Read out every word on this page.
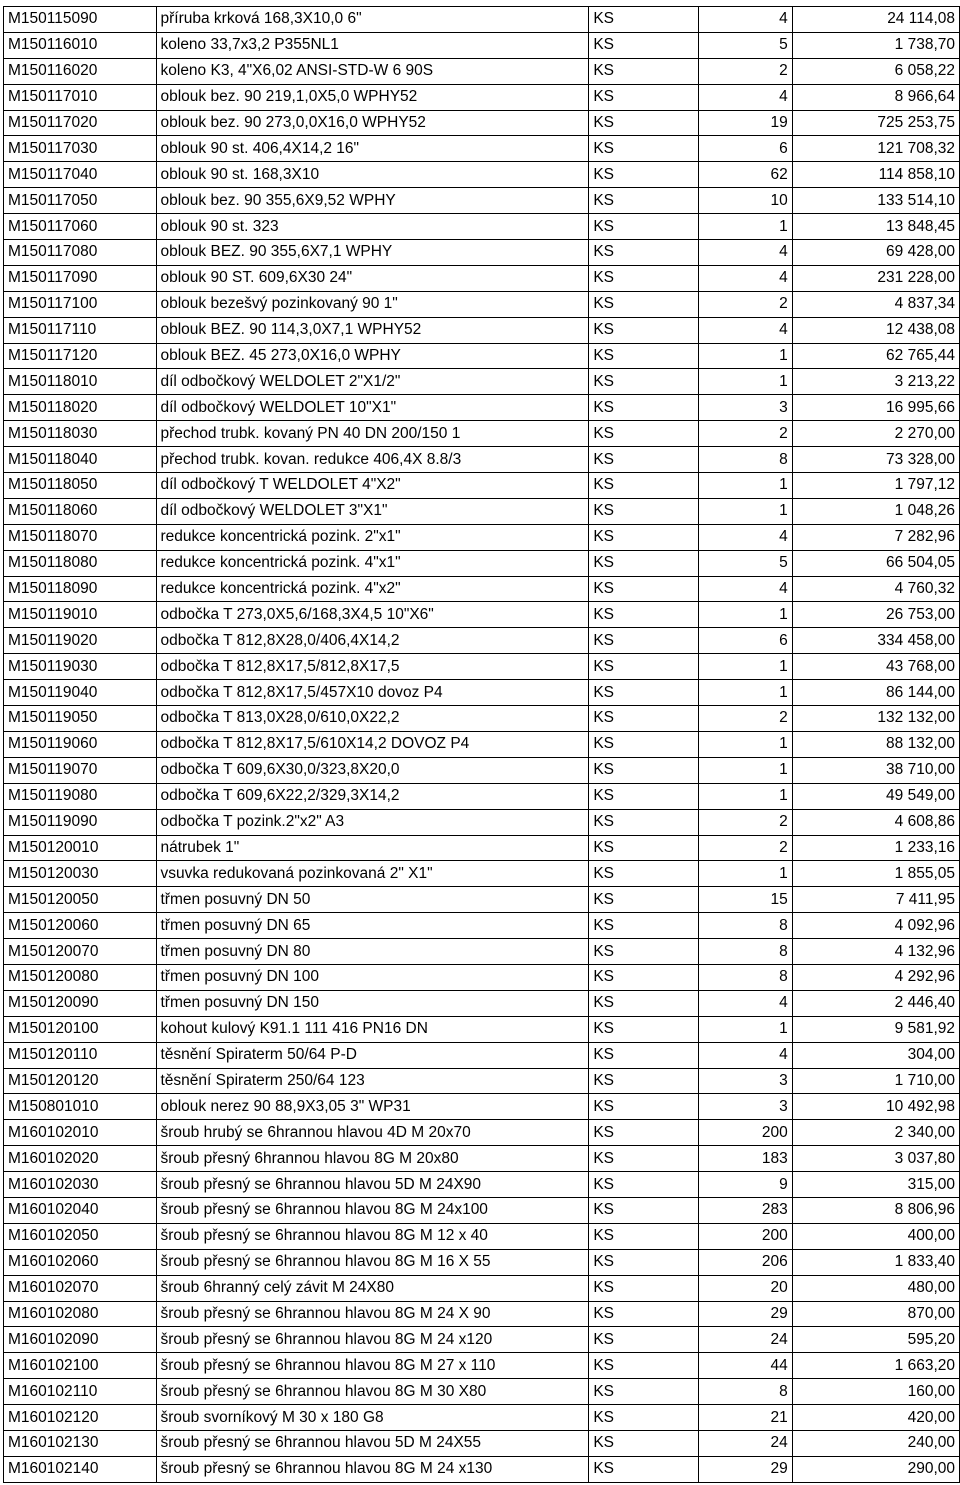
M150115090	příruba krková 168,3X10,0 6"	KS	4	24 114,08
M150116010	koleno 33,7x3,2 P355NL1	KS	5	1 738,70
M150116020	koleno K3, 4"X6,02 ANSI-STD-W 6 90S	KS	2	6 058,22
M150117010	oblouk bez. 90 219,1,0X5,0 WPHY52	KS	4	8 966,64
M150117020	oblouk bez. 90 273,0,0X16,0 WPHY52	KS	19	725 253,75
M150117030	oblouk 90 st. 406,4X14,2 16"	KS	6	121 708,32
M150117040	oblouk 90 st. 168,3X10	KS	62	114 858,10
M150117050	oblouk bez. 90 355,6X9,52 WPHY	KS	10	133 514,10
M150117060	oblouk 90 st. 323	KS	1	13 848,45
M150117080	oblouk BEZ. 90 355,6X7,1 WPHY	KS	4	69 428,00
M150117090	oblouk 90 ST. 609,6X30 24"	KS	4	231 228,00
M150117100	oblouk bezešvý pozinkovaný 90 1"	KS	2	4 837,34
M150117110	oblouk BEZ. 90 114,3,0X7,1 WPHY52	KS	4	12 438,08
M150117120	oblouk BEZ. 45 273,0X16,0 WPHY	KS	1	62 765,44
M150118010	díl odbočkový WELDOLET 2"X1/2"	KS	1	3 213,22
M150118020	díl odbočkový WELDOLET 10"X1"	KS	3	16 995,66
M150118030	přechod trubk. kovaný PN 40 DN 200/150 1	KS	2	2 270,00
M150118040	přechod trubk. kovan. redukce 406,4X 8.8/3	KS	8	73 328,00
M150118050	díl odbočkový T WELDOLET 4"X2"	KS	1	1 797,12
M150118060	díl odbočkový WELDOLET 3"X1"	KS	1	1 048,26
M150118070	redukce koncentrická pozink. 2"x1"	KS	4	7 282,96
M150118080	redukce koncentrická pozink. 4"x1"	KS	5	66 504,05
M150118090	redukce koncentrická pozink. 4"x2"	KS	4	4 760,32
M150119010	odbočka T 273,0X5,6/168,3X4,5 10"X6"	KS	1	26 753,00
M150119020	odbočka T 812,8X28,0/406,4X14,2	KS	6	334 458,00
M150119030	odbočka T 812,8X17,5/812,8X17,5	KS	1	43 768,00
M150119040	odbočka T 812,8X17,5/457X10 dovoz P4	KS	1	86 144,00
M150119050	odbočka T 813,0X28,0/610,0X22,2	KS	2	132 132,00
M150119060	odbočka T 812,8X17,5/610X14,2 DOVOZ P4	KS	1	88 132,00
M150119070	odbočka T 609,6X30,0/323,8X20,0	KS	1	38 710,00
M150119080	odbočka T 609,6X22,2/329,3X14,2	KS	1	49 549,00
M150119090	odbočka T pozink.2"x2" A3	KS	2	4 608,86
M150120010	nátrubek 1"	KS	2	1 233,16
M150120030	vsuvka redukovaná pozinkovaná 2" X1"	KS	1	1 855,05
M150120050	třmen posuvný DN 50	KS	15	7 411,95
M150120060	třmen posuvný DN 65	KS	8	4 092,96
M150120070	třmen posuvný DN 80	KS	8	4 132,96
M150120080	třmen posuvný DN 100	KS	8	4 292,96
M150120090	třmen posuvný DN 150	KS	4	2 446,40
M150120100	kohout kulový K91.1 111 416 PN16 DN	KS	1	9 581,92
M150120110	těsnění Spiraterm 50/64 P-D	KS	4	304,00
M150120120	těsnění Spiraterm 250/64 123	KS	3	1 710,00
M150801010	oblouk nerez 90 88,9X3,05 3" WP31	KS	3	10 492,98
M160102010	šroub hrubý se 6hrannou hlavou 4D M 20x70	KS	200	2 340,00
M160102020	šroub přesný 6hrannou hlavou 8G M 20x80	KS	183	3 037,80
M160102030	šroub přesný se 6hrannou hlavou 5D M 24X90	KS	9	315,00
M160102040	šroub přesný se 6hrannou hlavou 8G M 24x100	KS	283	8 806,96
M160102050	šroub přesný se 6hrannou hlavou 8G M 12 x 40	KS	200	400,00
M160102060	šroub přesný se 6hrannou hlavou 8G M 16 X 55	KS	206	1 833,40
M160102070	šroub 6hranný celý závit M 24X80	KS	20	480,00
M160102080	šroub přesný se 6hrannou hlavou 8G M 24 X 90	KS	29	870,00
M160102090	šroub přesný se 6hrannou hlavou 8G M 24 x120	KS	24	595,20
M160102100	šroub přesný se 6hrannou hlavou 8G M 27 x 110	KS	44	1 663,20
M160102110	šroub přesný se 6hrannou hlavou 8G M 30 X80	KS	8	160,00
M160102120	šroub svorníkový M 30 x 180 G8	KS	21	420,00
M160102130	šroub přesný se 6hrannou hlavou 5D M 24X55	KS	24	240,00
M160102140	šroub přesný se 6hrannou hlavou 8G M 24 x130	KS	29	290,00
